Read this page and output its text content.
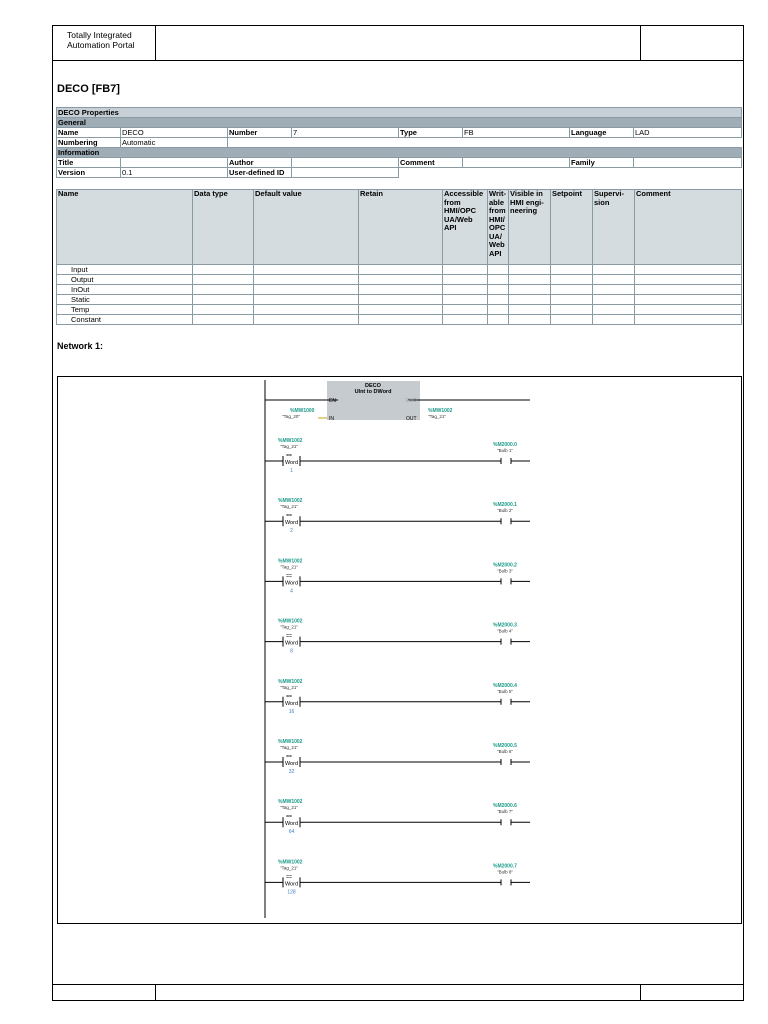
Totally Integrated
Automation Portal
DECO [FB7]
DECO Properties							
General							
Name	DECO	Number	7	Type	FB	Language	LAD
Numbering	Automatic						
Information							
Title		Author		Comment		Family	
Version	0.1	User-defined ID					
Name	Data type	Default value	Retain	Accessible from HMI/OPC UA/Web API	Writ-able from HMI/ OPC UA/ Web API	Visible in HMI engi-neering	Setpoint	Supervi-sion	Comment
Input									
Output									
InOut									
Static									
Temp									
Constant									
Network 1:
DECO
UInt to DWord
EN	ENO
IN	OUT
%MW1000
"Tag_20"
%MW1002
"Tag_21"
%MW1002
"Tag_21"
==
Word
1
%M2000.0
"Bulb 1"
%MW1002
"Tag_21"
==
Word
2
%M2000.1
"Bulb 2"
%MW1002
"Tag_21"
==
Word
4
%M2000.2
"Bulb 3"
%MW1002
"Tag_21"
==
Word
8
%M2000.3
"Bulb 4"
%MW1002
"Tag_21"
==
Word
16
%M2000.4
"Bulb 5"
%MW1002
"Tag_21"
==
Word
32
%M2000.5
"Bulb 6"
%MW1002
"Tag_21"
==
Word
64
%M2000.6
"Bulb 7"
%MW1002
"Tag_21"
==
Word
128
%M2000.7
"Bulb 8"
